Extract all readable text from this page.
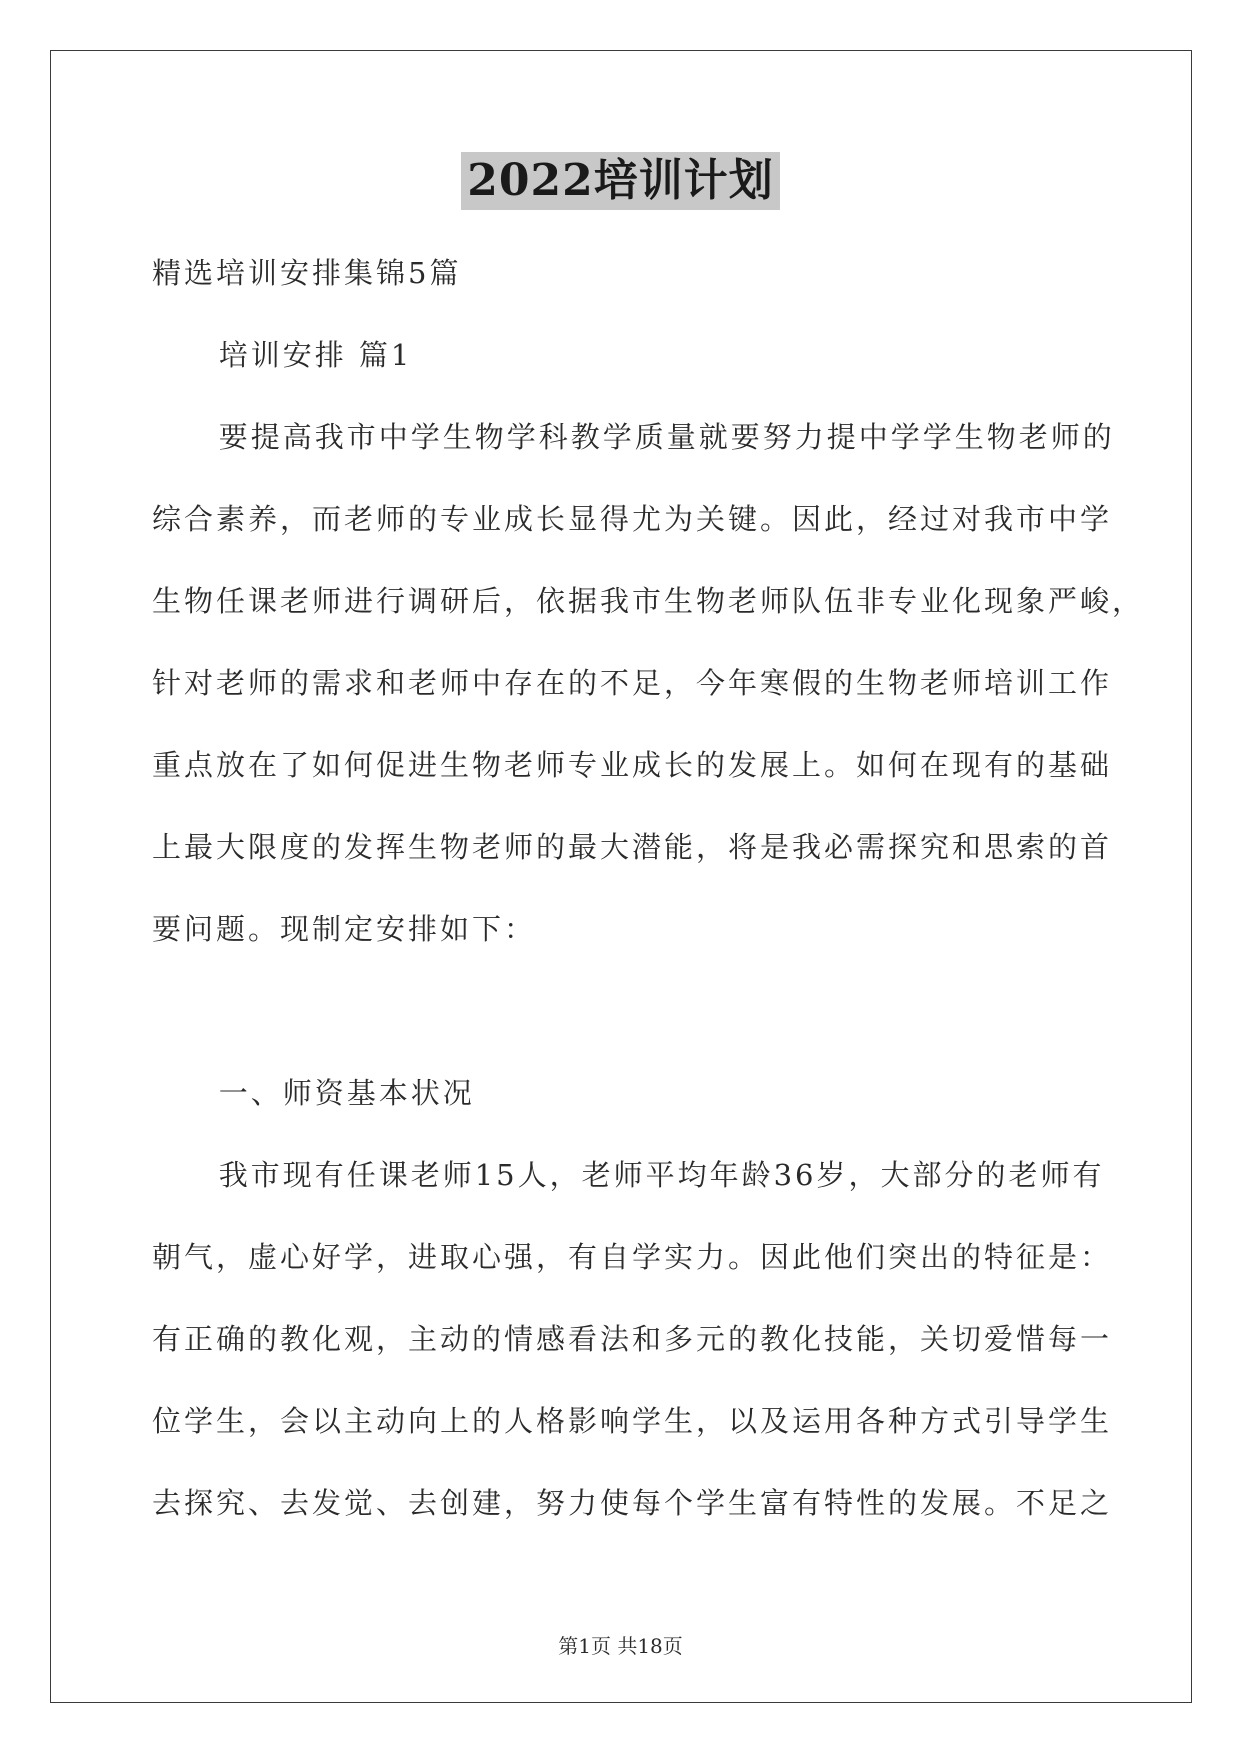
2022培训计划

精选培训安排集锦5篇

培训安排 篇1

要提高我市中学生物学科教学质量就要努力提中学学生物老师的

综合素养，而老师的专业成长显得尤为关键。因此，经过对我市中学

生物任课老师进行调研后，依据我市生物老师队伍非专业化现象严峻，

针对老师的需求和老师中存在的不足，今年寒假的生物老师培训工作

重点放在了如何促进生物老师专业成长的发展上。如何在现有的基础

上最大限度的发挥生物老师的最大潜能，将是我必需探究和思索的首

要问题。现制定安排如下：

一、师资基本状况

我市现有任课老师15人，老师平均年龄36岁，大部分的老师有

朝气，虚心好学，进取心强，有自学实力。因此他们突出的特征是：

有正确的教化观，主动的情感看法和多元的教化技能，关切爱惜每一

位学生，会以主动向上的人格影响学生，以及运用各种方式引导学生

去探究、去发觉、去创建，努力使每个学生富有特性的发展。不足之

第1页 共18页
